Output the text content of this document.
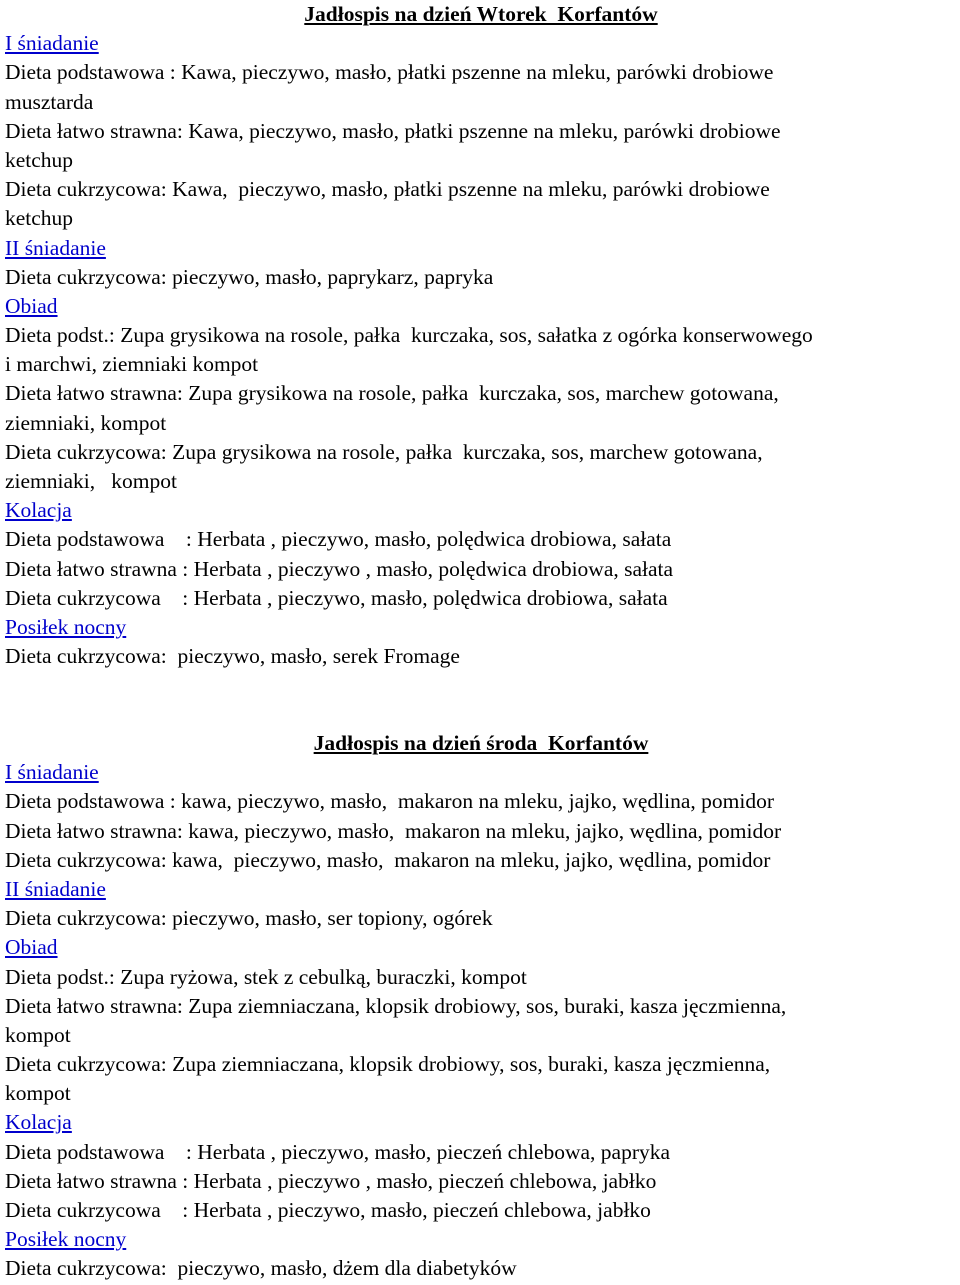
Jadłospis na dzień Wtorek  Korfantów
I śniadanie
Dieta podstawowa : Kawa, pieczywo, masło, płatki pszenne na mleku, parówki drobiowe
musztarda
Dieta łatwo strawna: Kawa, pieczywo, masło, płatki pszenne na mleku, parówki drobiowe
ketchup
Dieta cukrzycowa: Kawa,  pieczywo, masło, płatki pszenne na mleku, parówki drobiowe
ketchup
II śniadanie
Dieta cukrzycowa: pieczywo, masło, paprykarz, papryka
Obiad
Dieta podst.: Zupa grysikowa na rosole, pałka  kurczaka, sos, sałatka z ogórka konserwowego
i marchwi, ziemniaki kompot
Dieta łatwo strawna: Zupa grysikowa na rosole, pałka  kurczaka, sos, marchew gotowana,
ziemniaki, kompot
Dieta cukrzycowa: Zupa grysikowa na rosole, pałka  kurczaka, sos, marchew gotowana,
ziemniaki,   kompot
Kolacja
Dieta podstawowa    : Herbata , pieczywo, masło, polędwica drobiowa, sałata
Dieta łatwo strawna : Herbata , pieczywo , masło, polędwica drobiowa, sałata
Dieta cukrzycowa    : Herbata , pieczywo, masło, polędwica drobiowa, sałata
Posiłek nocny
Dieta cukrzycowa:  pieczywo, masło, serek Fromage
Jadłospis na dzień środa  Korfantów
I śniadanie
Dieta podstawowa : kawa, pieczywo, masło,  makaron na mleku, jajko, wędlina, pomidor
Dieta łatwo strawna: kawa, pieczywo, masło,  makaron na mleku, jajko, wędlina, pomidor
Dieta cukrzycowa: kawa,  pieczywo, masło,  makaron na mleku, jajko, wędlina, pomidor
II śniadanie
Dieta cukrzycowa: pieczywo, masło, ser topiony, ogórek
Obiad
Dieta podst.: Zupa ryżowa, stek z cebulką, buraczki, kompot
Dieta łatwo strawna: Zupa ziemniaczana, klopsik drobiowy, sos, buraki, kasza jęczmienna,
kompot
Dieta cukrzycowa: Zupa ziemniaczana, klopsik drobiowy, sos, buraki, kasza jęczmienna,
kompot
Kolacja
Dieta podstawowa    : Herbata , pieczywo, masło, pieczeń chlebowa, papryka
Dieta łatwo strawna : Herbata , pieczywo , masło, pieczeń chlebowa, jabłko
Dieta cukrzycowa    : Herbata , pieczywo, masło, pieczeń chlebowa, jabłko
Posiłek nocny
Dieta cukrzycowa:  pieczywo, masło, dżem dla diabetyków
